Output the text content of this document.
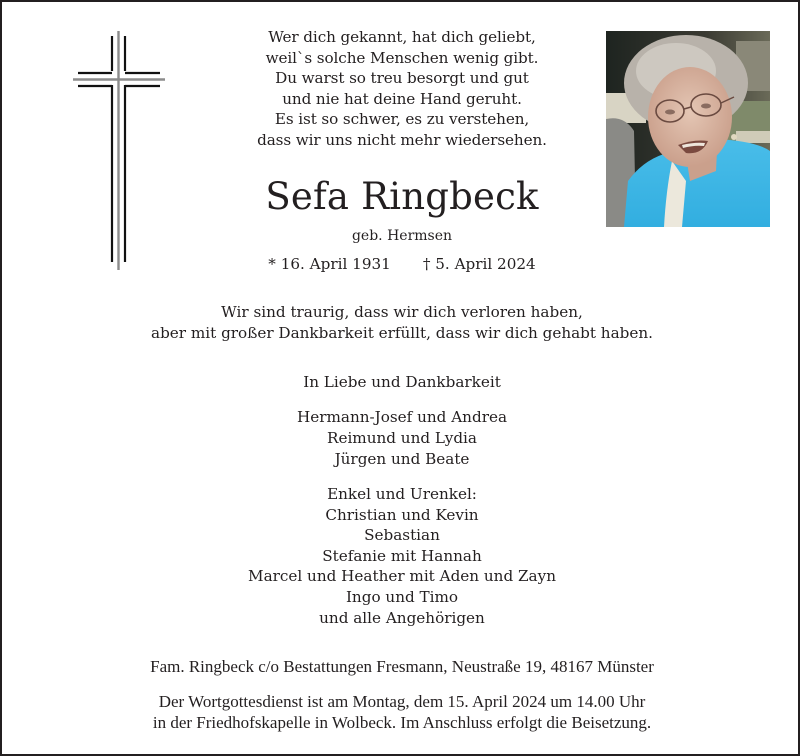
Wer dich gekannt, hat dich geliebt,
weil`s solche Menschen wenig gibt.
Du warst so treu besorgt und gut
und nie hat deine Hand geruht.
Es ist so schwer, es zu verstehen,
dass wir uns nicht mehr wiedersehen.
Sefa Ringbeck
geb. Hermsen
* 16. April 1931 † 5. April 2024
Wir sind traurig, dass wir dich verloren haben,
aber mit großer Dankbarkeit erfüllt, dass wir dich gehabt haben.
In Liebe und Dankbarkeit
Hermann-Josef und Andrea
Reimund und Lydia
Jürgen und Beate
Enkel und Urenkel:
Christian und Kevin
Sebastian
Stefanie mit Hannah
Marcel und Heather mit Aden und Zayn
Ingo und Timo
und alle Angehörigen
Fam. Ringbeck c/o Bestattungen Fresmann, Neustraße 19, 48167 Münster
Der Wortgottesdienst ist am Montag, dem 15. April 2024 um 14.00 Uhr
in der Friedhofskapelle in Wolbeck. Im Anschluss erfolgt die Beisetzung.
